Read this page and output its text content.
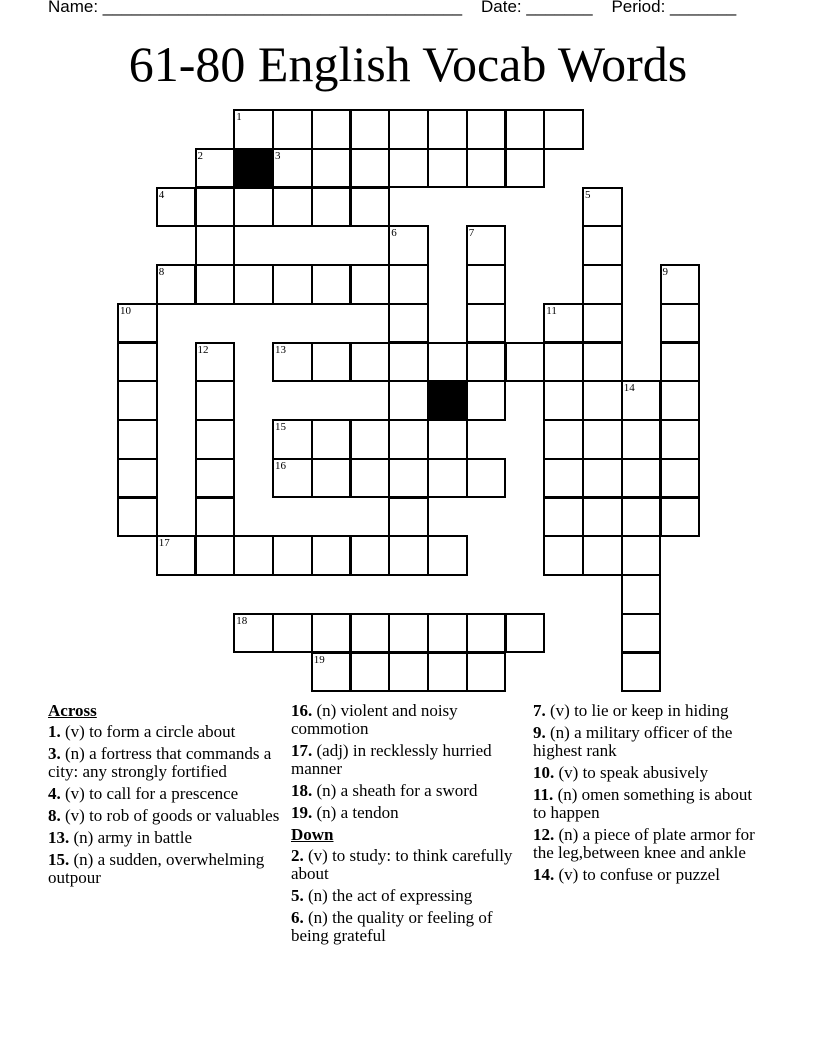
Name: ______________________________________ Date: _______ Period: _______
61-80 English Vocab Words
1
2	3
4	5
6	7
8	9
10	11
12	13
14
15
16
17
18
19
Across
1. (v) to form a circle about
3. (n) a fortress that commands a city: any strongly fortified
4. (v) to call for a prescence
8. (v) to rob of goods or valuables
13. (n) army in battle
15. (n) a sudden, overwhelming outpour
16. (n) violent and noisy commotion
17. (adj) in recklessly hurried manner
18. (n) a sheath for a sword
19. (n) a tendon
Down
2. (v) to study: to think carefully about
5. (n) the act of expressing
6. (n) the quality or feeling of being grateful
7. (v) to lie or keep in hiding
9. (n) a military officer of the highest rank
10. (v) to speak abusively
11. (n) omen something is about to happen
12. (n) a piece of plate armor for the leg,between knee and ankle
14. (v) to confuse or puzzel
